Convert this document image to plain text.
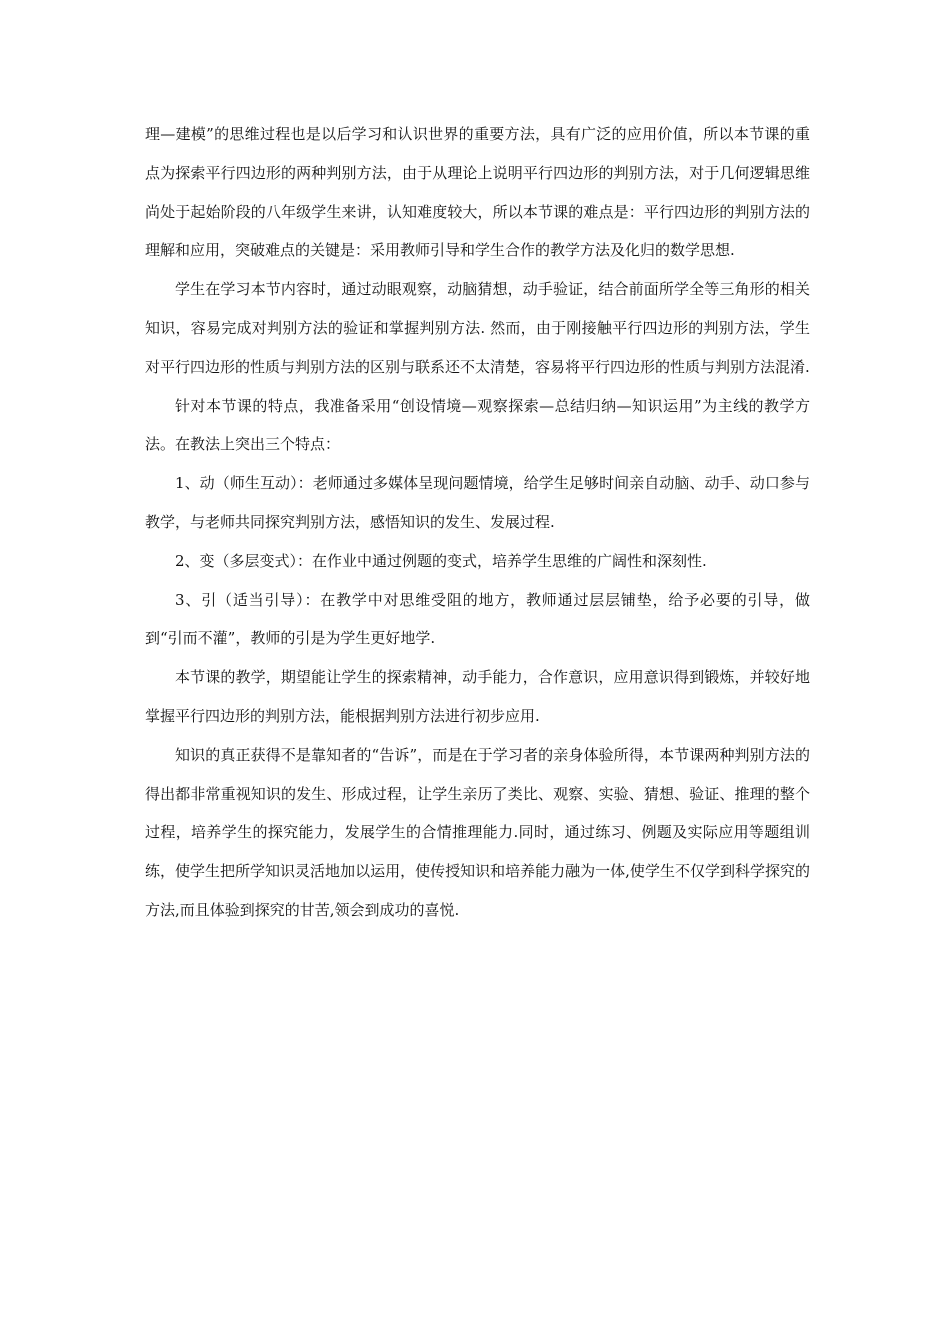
理—建模”的思维过程也是以后学习和认识世界的重要方法，具有广泛的应用价值，所以本节课的重点为探索平行四边形的两种判别方法，由于从理论上说明平行四边形的判别方法，对于几何逻辑思维尚处于起始阶段的八年级学生来讲，认知难度较大，所以本节课的难点是：平行四边形的判别方法的理解和应用，突破难点的关键是：采用教师引导和学生合作的教学方法及化归的数学思想.

学生在学习本节内容时，通过动眼观察，动脑猜想，动手验证，结合前面所学全等三角形的相关知识，容易完成对判别方法的验证和掌握判别方法. 然而，由于刚接触平行四边形的判别方法，学生对平行四边形的性质与判别方法的区别与联系还不太清楚，容易将平行四边形的性质与判别方法混淆.

针对本节课的特点，我准备采用“创设情境—观察探索—总结归纳—知识运用”为主线的教学方法。在教法上突出三个特点：

1、动（师生互动）：老师通过多媒体呈现问题情境，给学生足够时间亲自动脑、动手、动口参与教学，与老师共同探究判别方法，感悟知识的发生、发展过程.

2、变（多层变式）：在作业中通过例题的变式，培养学生思维的广阔性和深刻性.

3、引（适当引导）：在教学中对思维受阻的地方，教师通过层层铺垫，给予必要的引导，做到“引而不灌”，教师的引是为学生更好地学.

本节课的教学，期望能让学生的探索精神，动手能力，合作意识，应用意识得到锻炼，并较好地掌握平行四边形的判别方法，能根据判别方法进行初步应用.

知识的真正获得不是靠知者的“告诉”，而是在于学习者的亲身体验所得，本节课两种判别方法的得出都非常重视知识的发生、形成过程，让学生亲历了类比、观察、实验、猜想、验证、推理的整个过程，培养学生的探究能力，发展学生的合情推理能力.同时，通过练习、例题及实际应用等题组训练，使学生把所学知识灵活地加以运用，使传授知识和培养能力融为一体,使学生不仅学到科学探究的方法,而且体验到探究的甘苦,领会到成功的喜悦.
